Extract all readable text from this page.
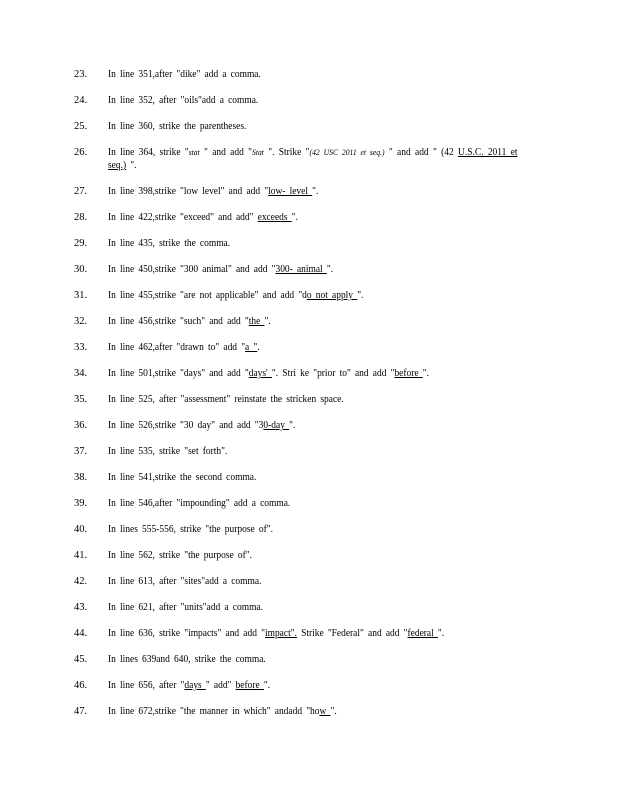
23.	In line 351,after "dike" add a comma.
24.	In line 352, after "oils"add a comma.
25.	In line 360, strike the parentheses.
26.	In line 364, strike "stat " and add "Stat ". Strike "(42 USC 2011 et seq.) " and add " (42 U.S.C. 2011 et seq.) ".
27.	In line 398,strike "low level" and add "low- level ".
28.	In line 422,strike "exceed" and add" exceeds ".
29.	In line 435, strike the comma.
30.	In line 450,strike "300 animal" and add "300- animal ".
31.	In line 455,strike "are not applicable" and add "do not apply ".
32.	In line 456,strike "such" and add "the ".
33.	In line 462,after "drawn to" add "a ".
34.	In line 501,strike "days" and add "days' ". Stri ke "prior to" and add "before ".
35.	In line 525, after "assessment" reinstate the stricken space.
36.	In line 526,strike "30 day" and add "30-day ".
37.	In line 535, strike "set forth".
38.	In line 541,strike the second comma.
39.	In line 546,after "impounding" add a comma.
40.	In lines 555-556, strike "the purpose of".
41.	In line 562, strike "the purpose of".
42.	In line 613, after "sites"add a comma.
43.	In line 621, after "units"add a comma.
44.	In line 636, strike "impacts" and add "impact". Strike "Federal" and add "federal ".
45.	In lines 639and 640, strike the comma.
46.	In line 656, after "days " add" before ".
47.	In line 672,strike "the manner in which" andadd "how ".
